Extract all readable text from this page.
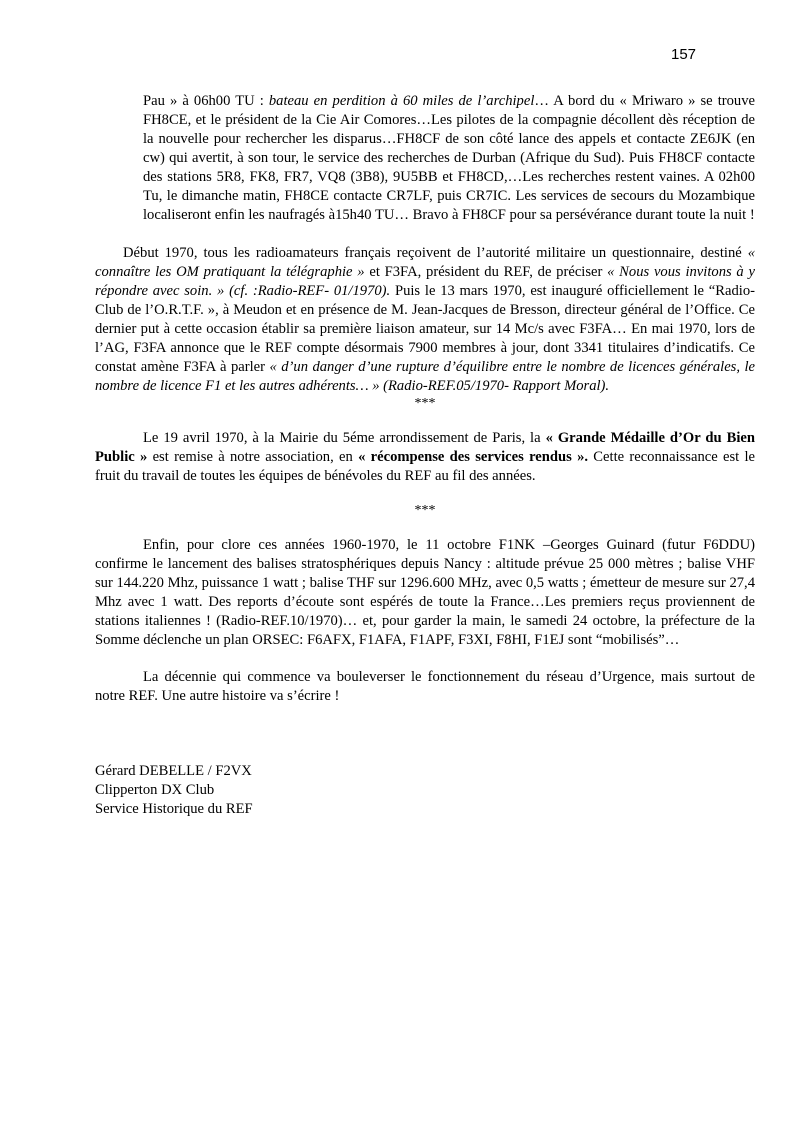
157

Pau » à 06h00 TU : bateau en perdition à 60 miles de l’archipel… A bord du « Mriwaro » se trouve FH8CE, et le président de la Cie Air Comores…Les pilotes de la compagnie décollent dès réception de la nouvelle pour rechercher les disparus…FH8CF de son côté lance des appels et contacte ZE6JK (en cw) qui avertit, à son tour, le service des recherches de Durban (Afrique du Sud). Puis FH8CF contacte des stations 5R8, FK8, FR7, VQ8 (3B8), 9U5BB et FH8CD,…Les recherches restent vaines. A 02h00 Tu, le dimanche matin, FH8CE contacte CR7LF, puis CR7IC. Les services de secours du Mozambique localiseront enfin les naufragés à15h40 TU… Bravo à FH8CF pour sa persévérance durant toute la nuit !

Début 1970, tous les radioamateurs français reçoivent de l’autorité militaire un questionnaire, destiné « connaître les OM pratiquant la télégraphie » et F3FA, président du REF, de préciser « Nous vous invitons à y répondre avec soin. » (cf. :Radio-REF- 01/1970). Puis le 13 mars 1970, est inauguré officiellement le “Radio-Club de l’O.R.T.F. », à Meudon et en présence de M. Jean-Jacques de Bresson, directeur général de l’Office. Ce dernier put à cette occasion établir sa première liaison amateur, sur 14 Mc/s avec F3FA… En mai 1970, lors de l’AG, F3FA annonce que le REF compte désormais 7900 membres à jour, dont 3341 titulaires d’indicatifs. Ce constat amène F3FA à parler « d’un danger d’une rupture d’équilibre entre le nombre de licences générales, le nombre de licence F1 et les autres adhérents… » (Radio-REF.05/1970- Rapport Moral).

***

Le 19 avril 1970, à la Mairie du 5éme arrondissement de Paris, la « Grande Médaille d’Or du Bien Public » est remise à notre association, en « récompense des services rendus ». Cette reconnaissance est le fruit du travail de toutes les équipes de bénévoles du REF au fil des années.

***

Enfin, pour clore ces années 1960-1970, le 11 octobre F1NK –Georges Guinard (futur F6DDU) confirme le lancement des balises stratosphériques depuis Nancy : altitude prévue 25 000 mètres ; balise VHF sur 144.220 Mhz, puissance 1 watt ; balise THF sur 1296.600 MHz, avec 0,5 watts ; émetteur de mesure sur 27,4 Mhz avec 1 watt. Des reports d’écoute sont espérés de toute la France…Les premiers reçus proviennent de stations italiennes ! (Radio-REF.10/1970)… et, pour garder la main, le samedi 24 octobre, la préfecture de la Somme déclenche un plan ORSEC: F6AFX, F1AFA, F1APF, F3XI, F8HI, F1EJ sont “mobilisés”…

La décennie qui commence va bouleverser le fonctionnement du réseau d’Urgence, mais surtout de notre REF. Une autre histoire va s’écrire !

Gérard DEBELLE / F2VX

Clipperton DX Club

Service Historique du REF
